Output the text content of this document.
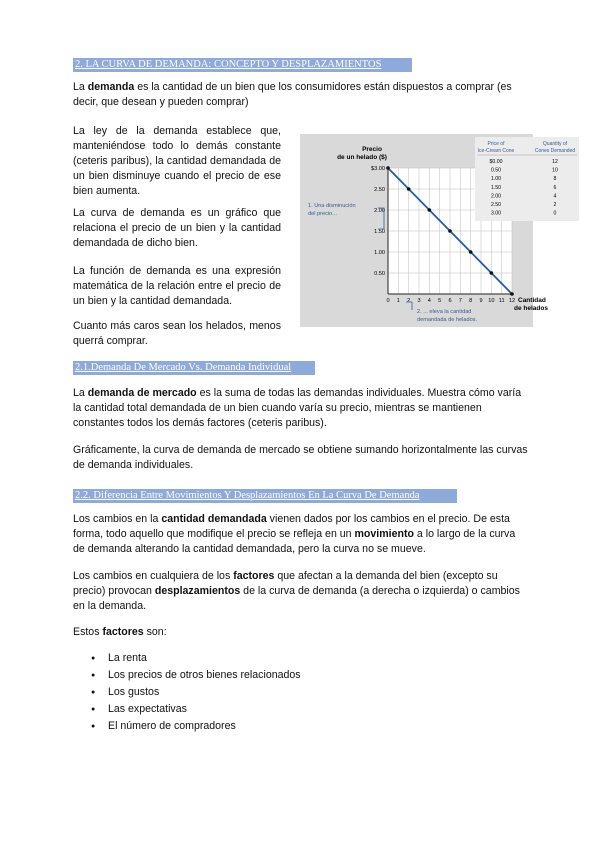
2. LA CURVA DE DEMANDA: CONCEPTO Y DESPLAZAMIENTOS

La demanda es la cantidad de un bien que los consumidores están dispuestos a comprar (es decir, que desean y pueden comprar)

La ley de la demanda establece que, manteniéndose todo lo demás constante (ceteris paribus), la cantidad demandada de un bien disminuye cuando el precio de ese bien aumenta.

La curva de demanda es un gráfico que relaciona el precio de un bien y la cantidad demandada de dicho bien.

La función de demanda es una expresión matemática de la relación entre el precio de un bien y la cantidad demandada.

Cuanto más caros sean los helados, menos querrá comprar.

$3.00
2.50
2.00
1.50
1.00
0.50
0 1 2 3 4 5 6 7 8 9 10 11 12
Precio
de un helado ($)
Cantidad
de helados
1. Una disminución
del precio...
2. ... eleva la cantidad
demandada de helados.
Price of
Ice-Cream Cone
Quantity of
Cones Demanded
$0.00	12
0.50	10
1.00	8
1.50	6
2.00	4
2.50	2
3.00	0
2.1.Demanda De Mercado Vs. Demanda Individual

La demanda de mercado es la suma de todas las demandas individuales. Muestra cómo varía la cantidad total demandada de un bien cuando varía su precio, mientras se mantienen constantes todos los demás factores (ceteris paribus).

Gráficamente, la curva de demanda de mercado se obtiene sumando horizontalmente las curvas de demanda individuales.

2.2. Diferencia Entre Movimientos Y Desplazamientos En La Curva De Demanda

Los cambios en la cantidad demandada vienen dados por los cambios en el precio. De esta forma, todo aquello que modifique el precio se refleja en un movimiento a lo largo de la curva de demanda alterando la cantidad demandada, pero la curva no se mueve.

Los cambios en cualquiera de los factores que afectan a la demanda del bien (excepto su precio) provocan desplazamientos de la curva de demanda (a derecha o izquierda) o cambios en la demanda.

Estos factores son:

● La renta
● Los precios de otros bienes relacionados
● Los gustos
● Las expectativas
● El número de compradores
